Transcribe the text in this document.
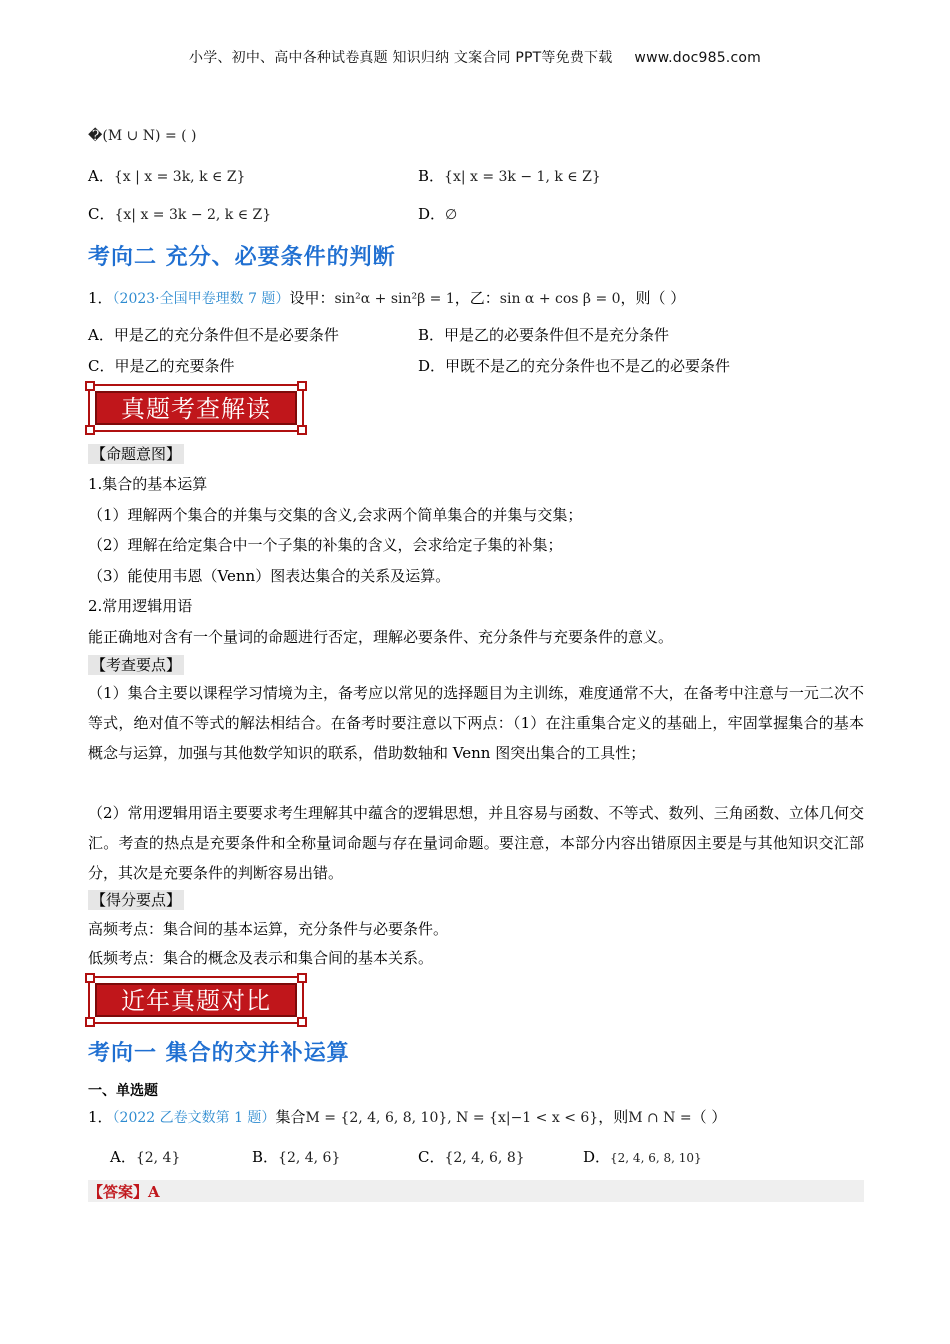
小学、初中、高中各种试卷真题 知识归纳 文案合同 PPT等免费下载 www.doc985.com
�(M ∪ N) = ( )
A．{x | x = 3k, k ∈ Z}	B．{x| x = 3k − 1, k ∈ Z}
C．{x| x = 3k − 2, k ∈ Z}	D．∅
考向二 充分、必要条件的判断
1．（2023·全国甲卷理数 7 题）设甲：sin²α + sin²β = 1，乙：sin α + cos β = 0，则（ ）
A．甲是乙的充分条件但不是必要条件	B．甲是乙的必要条件但不是充分条件
C．甲是乙的充要条件	D．甲既不是乙的充分条件也不是乙的必要条件
真题考查解读
【命题意图】
1.集合的基本运算
（1）理解两个集合的并集与交集的含义,会求两个简单集合的并集与交集；
（2）理解在给定集合中一个子集的补集的含义，会求给定子集的补集；
（3）能使用韦恩（Venn）图表达集合的关系及运算。
2.常用逻辑用语
能正确地对含有一个量词的命题进行否定，理解必要条件、充分条件与充要条件的意义。
【考查要点】
（1）集合主要以课程学习情境为主，备考应以常见的选择题目为主训练，难度通常不大，在备考中注意与一元二次不等式，绝对值不等式的解法相结合。在备考时要注意以下两点：（1）在注重集合定义的基础上，牢固掌握集合的基本概念与运算，加强与其他数学知识的联系，借助数轴和 Venn 图突出集合的工具性；
（2）常用逻辑用语主要要求考生理解其中蕴含的逻辑思想，并且容易与函数、不等式、数列、三角函数、立体几何交汇。考查的热点是充要条件和全称量词命题与存在量词命题。要注意，本部分内容出错原因主要是与其他知识交汇部分，其次是充要条件的判断容易出错。
【得分要点】
高频考点：集合间的基本运算，充分条件与必要条件。
低频考点：集合的概念及表示和集合间的基本关系。
近年真题对比
考向一 集合的交并补运算
一、单选题
1．（2022 乙卷文数第 1 题）集合M = {2, 4, 6, 8, 10}, N = {x|−1 < x < 6}，则M ∩ N =（ ）
A．{2, 4}	B．{2, 4, 6}	C．{2, 4, 6, 8}	D．{2, 4, 6, 8, 10}
【答案】A
